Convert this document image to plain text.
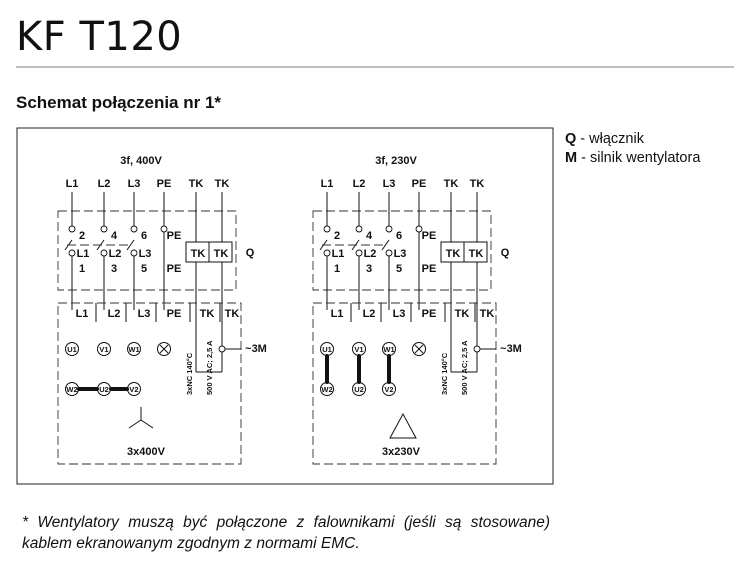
KF T120
Schemat połączenia nr 1*
Q - włącznik
M - silnik wentylatora
3f, 400V
L1 L2 L3 PE TK TK
2 4 6 PE
L1 L2 L3
1 3 5 PE
TK TK Q
L1 L2 L3 PE TK TK
U1	V1	W1
W2	U2	V2	3xNC 140°C 500 V AC; 2,5 A	~3M
3x400V
3f, 230V
L1 L2 L3 PE TK TK
2 4 6 PE
L1 L2 L3
1 3 5 PE
TK TK Q
L1 L2 L3 PE TK TK
U1	V1	W1
W2	U2	V2	3xNC 140°C 500 V AC; 2,5 A	~3M
3x230V

* Wentylatory muszą być połączone z falownikami (jeśli są stosowane) kablem ekranowanym zgodnym z normami EMC.
